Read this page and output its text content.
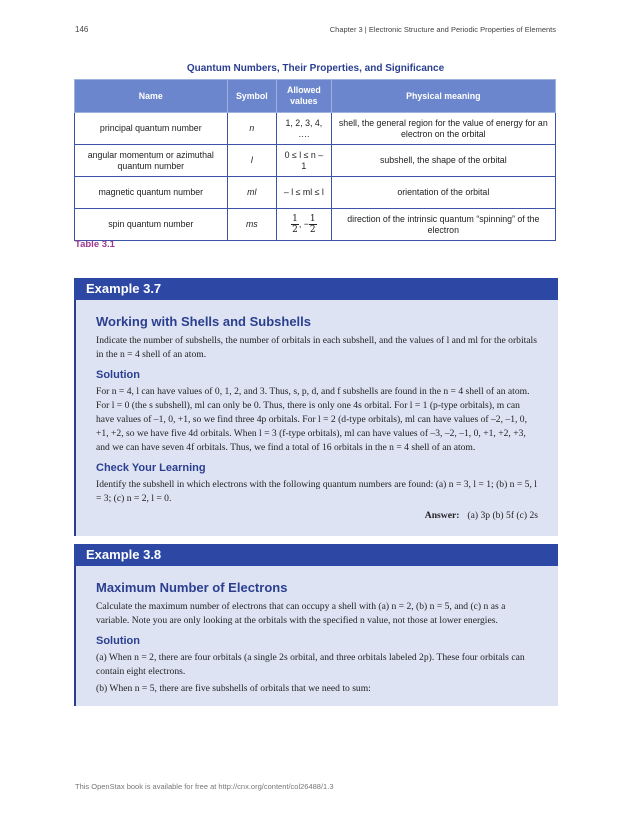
146	Chapter 3 | Electronic Structure and Periodic Properties of Elements
Quantum Numbers, Their Properties, and Significance
Name	Symbol	Allowed values	Physical meaning
principal quantum number	n	1, 2, 3, 4, ….	shell, the general region for the value of energy for an electron on the orbital
angular momentum or azimuthal quantum number	l	0 ≤ l ≤ n – 1	subshell, the shape of the orbital
magnetic quantum number	ml	– l ≤ ml ≤ l	orientation of the orbital
spin quantum number	ms	$\frac{1}{2}$ , − $\frac{1}{2}$	direction of the intrinsic quantum “spinning” of the electron
Table 3.1
Example 3.7
Working with Shells and Subshells

Indicate the number of subshells, the number of orbitals in each subshell, and the values of l and ml for the orbitals in the n = 4 shell of an atom.

Solution

For n = 4, l can have values of 0, 1, 2, and 3. Thus, s, p, d, and f subshells are found in the n = 4 shell of an atom. For l = 0 (the s subshell), ml can only be 0. Thus, there is only one 4s orbital. For l = 1 (p-type orbitals), m can have values of –1, 0, +1, so we find three 4p orbitals. For l = 2 (d-type orbitals), ml can have values of –2, –1, 0, +1, +2, so we have five 4d orbitals. When l = 3 (f-type orbitals), ml can have values of –3, –2, –1, 0, +1, +2, +3, and we can have seven 4f orbitals. Thus, we find a total of 16 orbitals in the n = 4 shell of an atom.

Check Your Learning

Identify the subshell in which electrons with the following quantum numbers are found: (a) n = 3, l = 1; (b) n = 5, l = 3; (c) n = 2, l = 0.

Answer: (a) 3p (b) 5f (c) 2s
Example 3.8
Maximum Number of Electrons

Calculate the maximum number of electrons that can occupy a shell with (a) n = 2, (b) n = 5, and (c) n as a variable. Note you are only looking at the orbitals with the specified n value, not those at lower energies.

Solution

(a) When n = 2, there are four orbitals (a single 2s orbital, and three orbitals labeled 2p). These four orbitals can contain eight electrons.

(b) When n = 5, there are five subshells of orbitals that we need to sum:

This OpenStax book is available for free at http://cnx.org/content/col26488/1.3
